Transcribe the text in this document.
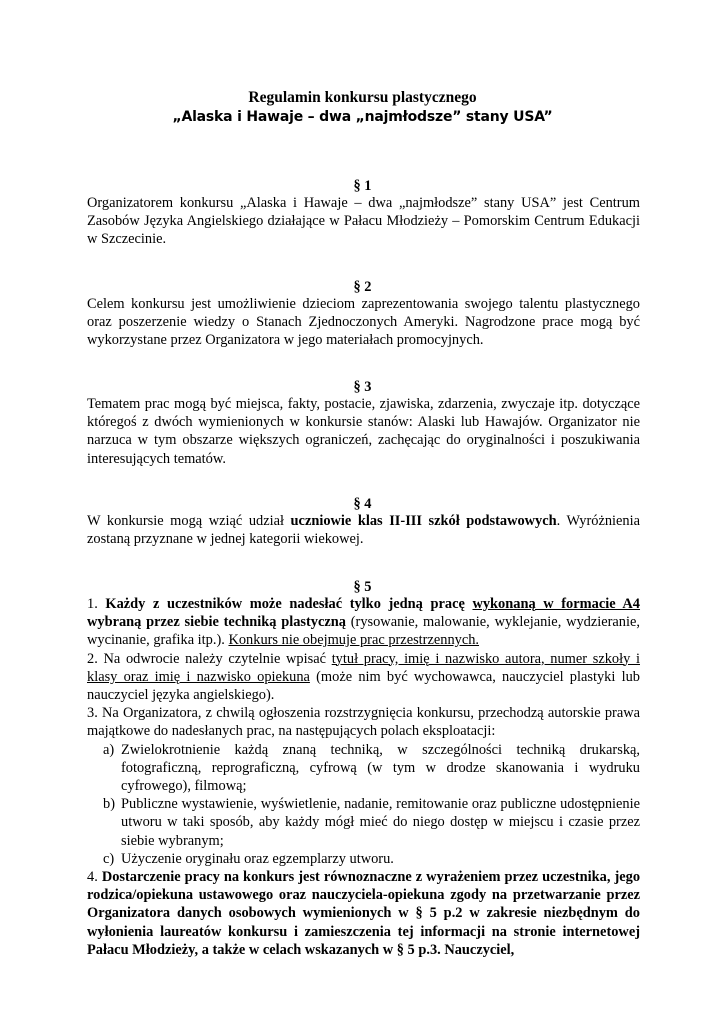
Regulamin konkursu plastycznego
„Alaska i Hawaje – dwa „najmłodsze” stany USA”
§ 1

Organizatorem konkursu „Alaska i Hawaje – dwa „najmłodsze” stany USA” jest Centrum Zasobów Języka Angielskiego działające w Pałacu Młodzieży – Pomorskim Centrum Edukacji w Szczecinie.

§ 2

Celem konkursu jest umożliwienie dzieciom zaprezentowania swojego talentu plastycznego oraz poszerzenie wiedzy o Stanach Zjednoczonych Ameryki. Nagrodzone prace mogą być wykorzystane przez Organizatora w jego materiałach promocyjnych.

§ 3

Tematem prac mogą być miejsca, fakty, postacie, zjawiska, zdarzenia, zwyczaje itp. dotyczące któregoś z dwóch wymienionych w konkursie stanów: Alaski lub Hawajów. Organizator nie narzuca w tym obszarze większych ograniczeń, zachęcając do oryginalności i poszukiwania interesujących tematów.

§ 4

W konkursie mogą wziąć udział uczniowie klas II-III szkół podstawowych. Wyróżnienia zostaną przyznane w jednej kategorii wiekowej.

§ 5

1. Każdy z uczestników może nadesłać tylko jedną pracę wykonaną w formacie A4 wybraną przez siebie techniką plastyczną (rysowanie, malowanie, wyklejanie, wydzieranie, wycinanie, grafika itp.). Konkurs nie obejmuje prac przestrzennych.

2. Na odwrocie należy czytelnie wpisać tytuł pracy, imię i nazwisko autora, numer szkoły i klasy oraz imię i nazwisko opiekuna (może nim być wychowawca, nauczyciel plastyki lub nauczyciel języka angielskiego).

3. Na Organizatora, z chwilą ogłoszenia rozstrzygnięcia konkursu, przechodzą autorskie prawa majątkowe do nadesłanych prac, na następujących polach eksploatacji:

a) Zwielokrotnienie każdą znaną techniką, w szczególności techniką drukarską, fotograficzną, reprograficzną, cyfrową (w tym w drodze skanowania i wydruku cyfrowego), filmową;
b) Publiczne wystawienie, wyświetlenie, nadanie, remitowanie oraz publiczne udostępnienie utworu w taki sposób, aby każdy mógł mieć do niego dostęp w miejscu i czasie przez siebie wybranym;
c) Użyczenie oryginału oraz egzemplarzy utworu.

4. Dostarczenie pracy na konkurs jest równoznaczne z wyrażeniem przez uczestnika, jego rodzica/opiekuna ustawowego oraz nauczyciela-opiekuna zgody na przetwarzanie przez Organizatora danych osobowych wymienionych w § 5 p.2 w zakresie niezbędnym do wyłonienia laureatów konkursu i zamieszczenia tej informacji na stronie internetowej Pałacu Młodzieży, a także w celach wskazanych w § 5 p.3. Nauczyciel,
